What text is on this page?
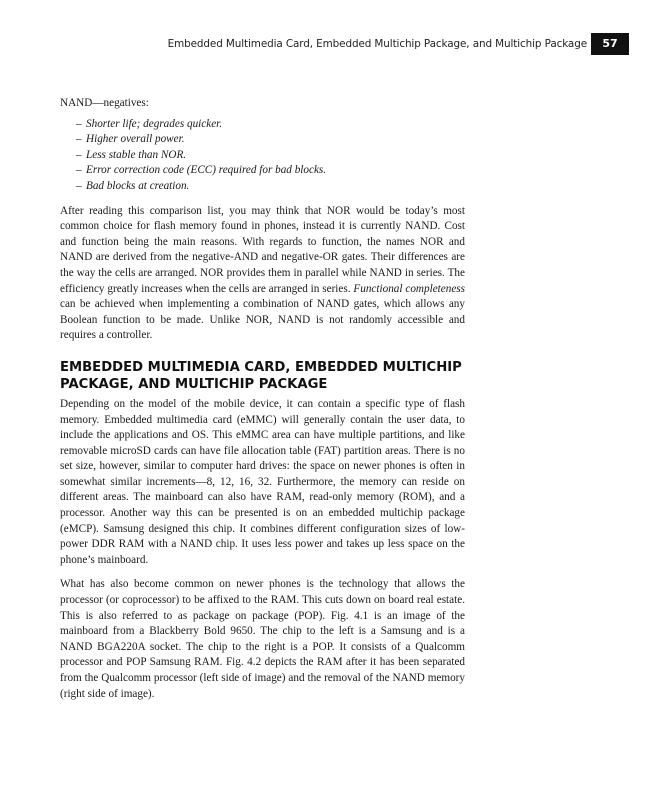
Embedded Multimedia Card, Embedded Multichip Package, and Multichip Package	57

NAND—negatives:

– Shorter life; degrades quicker.
– Higher overall power.
– Less stable than NOR.
– Error correction code (ECC) required for bad blocks.
– Bad blocks at creation.

After reading this comparison list, you may think that NOR would be today’s most common choice for flash memory found in phones, instead it is currently NAND. Cost and function being the main reasons. With regards to function, the names NOR and NAND are derived from the negative-AND and negative-OR gates. Their differences are the way the cells are arranged. NOR provides them in parallel while NAND in series. The efficiency greatly increases when the cells are arranged in series. Functional completeness can be achieved when implementing a combination of NAND gates, which allows any Boolean function to be made. Unlike NOR, NAND is not randomly accessible and requires a controller.

EMBEDDED MULTIMEDIA CARD, EMBEDDED MULTICHIP
PACKAGE, AND MULTICHIP PACKAGE

Depending on the model of the mobile device, it can contain a specific type of flash memory. Embedded multimedia card (eMMC) will generally contain the user data, to include the applications and OS. This eMMC area can have multiple partitions, and like removable microSD cards can have file allocation table (FAT) partition areas. There is no set size, however, similar to computer hard drives: the space on newer phones is often in somewhat similar increments—8, 12, 16, 32. Furthermore, the memory can reside on different areas. The mainboard can also have RAM, read-only memory (ROM), and a processor. Another way this can be presented is on an embedded multichip package (eMCP). Samsung designed this chip. It combines different configuration sizes of low-power DDR RAM with a NAND chip. It uses less power and takes up less space on the phone’s mainboard.

What has also become common on newer phones is the technology that allows the processor (or coprocessor) to be affixed to the RAM. This cuts down on board real estate. This is also referred to as package on package (POP). Fig. 4.1 is an image of the mainboard from a Blackberry Bold 9650. The chip to the left is a Samsung and is a NAND BGA220A socket. The chip to the right is a POP. It consists of a Qualcomm processor and POP Samsung RAM. Fig. 4.2 depicts the RAM after it has been separated from the Qualcomm processor (left side of image) and the removal of the NAND memory (right side of image).
